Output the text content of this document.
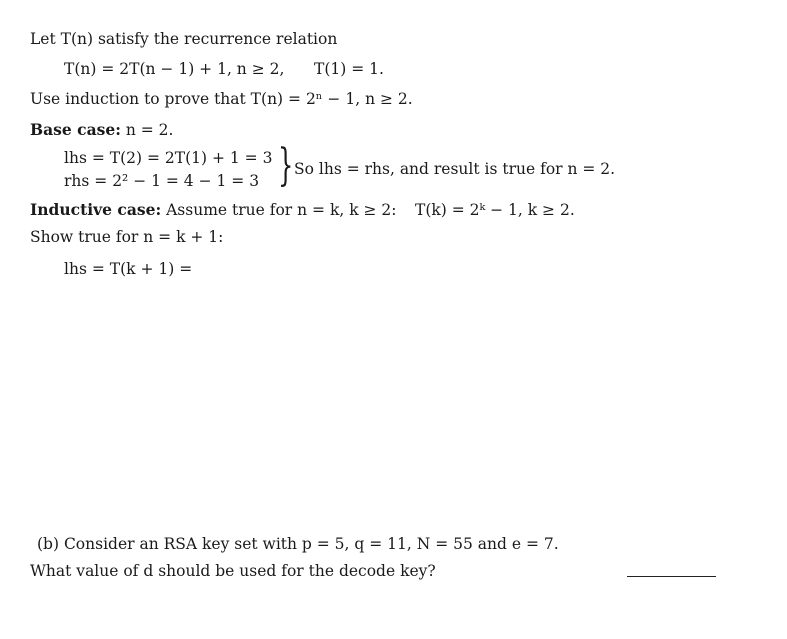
Let T(n) satisfy the recurrence relation
T(n) = 2T(n − 1) + 1, n ≥ 2, T(1) = 1.
Use induction to prove that T(n) = 2ⁿ − 1, n ≥ 2.
Base case: n = 2.
lhs = T(2) = 2T(1) + 1 = 3
rhs = 2² − 1 = 4 − 1 = 3 } So lhs = rhs, and result is true for n = 2.
Inductive case: Assume true for n = k, k ≥ 2: T(k) = 2ᵏ − 1, k ≥ 2.
Show true for n = k + 1:
lhs = T(k + 1) =
(b) Consider an RSA key set with p = 5, q = 11, N = 55 and e = 7.
What value of d should be used for the decode key?
